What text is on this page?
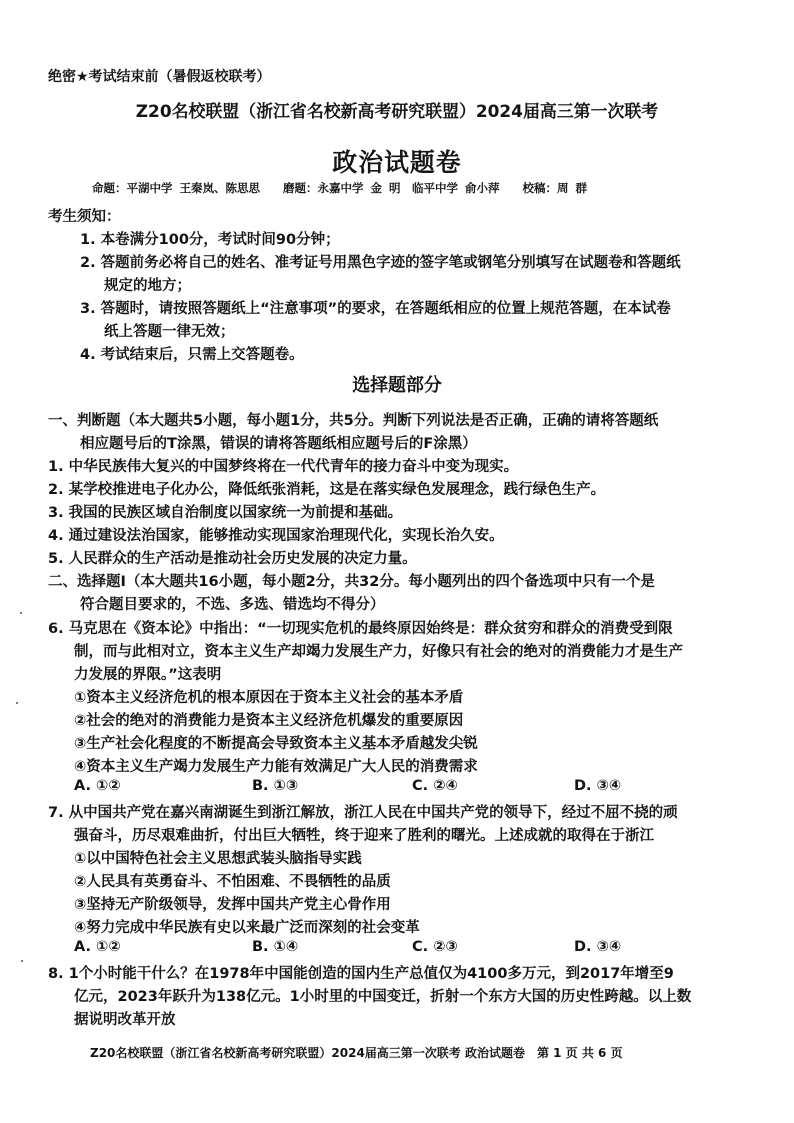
绝密★考试结束前（暑假返校联考）
Z20名校联盟（浙江省名校新高考研究联盟）2024届高三第一次联考
政治试题卷
命题：平湖中学 王秦岚、陈思思　　磨题：永嘉中学 金 明　临平中学 俞小萍　　校稿：周 群
考生须知：
1. 本卷满分100分，考试时间90分钟；
2. 答题前务必将自己的姓名、准考证号用黑色字迹的签字笔或钢笔分别填写在试题卷和答题纸
规定的地方；
3. 答题时，请按照答题纸上“注意事项”的要求，在答题纸相应的位置上规范答题，在本试卷
纸上答题一律无效；
4. 考试结束后，只需上交答题卷。
选择题部分
一、判断题（本大题共5小题，每小题1分，共5分。判断下列说法是否正确，正确的请将答题纸
相应题号后的T涂黑，错误的请将答题纸相应题号后的F涂黑）
1. 中华民族伟大复兴的中国梦终将在一代代青年的接力奋斗中变为现实。
2. 某学校推进电子化办公，降低纸张消耗，这是在落实绿色发展理念，践行绿色生产。
3. 我国的民族区域自治制度以国家统一为前提和基础。
4. 通过建设法治国家，能够推动实现国家治理现代化，实现长治久安。
5. 人民群众的生产活动是推动社会历史发展的决定力量。
二、选择题Ⅰ（本大题共16小题，每小题2分，共32分。每小题列出的四个备选项中只有一个是
符合题目要求的，不选、多选、错选均不得分）
6. 马克思在《资本论》中指出：“一切现实危机的最终原因始终是：群众贫穷和群众的消费受到限
制，而与此相对立，资本主义生产却竭力发展生产力，好像只有社会的绝对的消费能力才是生产
力发展的界限。”这表明
①资本主义经济危机的根本原因在于资本主义社会的基本矛盾
②社会的绝对的消费能力是资本主义经济危机爆发的重要原因
③生产社会化程度的不断提高会导致资本主义基本矛盾越发尖锐
④资本主义生产竭力发展生产力能有效满足广大人民的消费需求
A. ①②	B. ①③	C. ②④	D. ③④
7. 从中国共产党在嘉兴南湖诞生到浙江解放，浙江人民在中国共产党的领导下，经过不屈不挠的顽
强奋斗，历尽艰难曲折，付出巨大牺牲，终于迎来了胜利的曙光。上述成就的取得在于浙江
①以中国特色社会主义思想武装头脑指导实践
②人民具有英勇奋斗、不怕困难、不畏牺牲的品质
③坚持无产阶级领导，发挥中国共产党主心骨作用
④努力完成中华民族有史以来最广泛而深刻的社会变革
A. ①②	B. ①④	C. ②③	D. ③④
8. 1个小时能干什么？在1978年中国能创造的国内生产总值仅为4100多万元，到2017年增至9
亿元，2023年跃升为138亿元。1小时里的中国变迁，折射一个东方大国的历史性跨越。以上数
据说明改革开放
Z20名校联盟（浙江省名校新高考研究联盟）2024届高三第一次联考 政治试题卷　第 1 页 共 6 页
